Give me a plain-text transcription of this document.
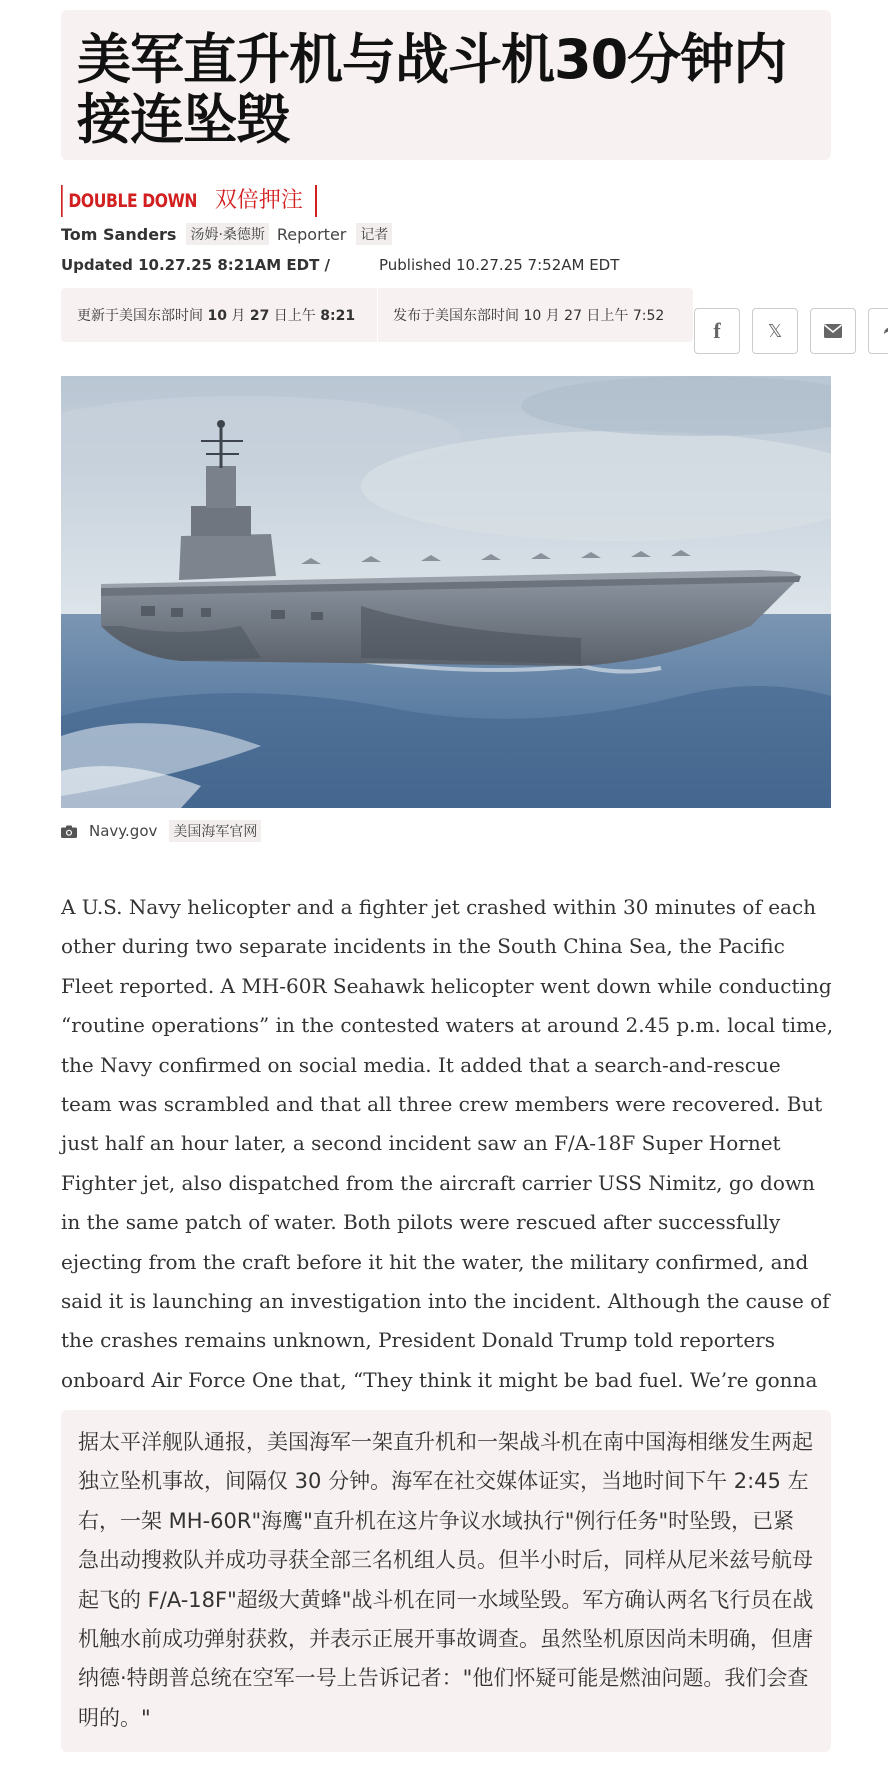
美军直升机与战斗机30分钟内接连坠毁
DOUBLE DOWN 双倍押注
Tom Sanders 汤姆·桑德斯 Reporter 记者
Updated 10.27.25 8:21AM EDT /	Published 10.27.25 7:52AM EDT
更新于美国东部时间 10 月 27 日上午 8:21	发布于美国东部时间 10 月 27 日上午 7:52
f	𝕏
Navy.gov 美国海军官网

A U.S. Navy helicopter and a fighter jet crashed within 30 minutes of each other during two separate incidents in the South China Sea, the Pacific Fleet reported. A MH-60R Seahawk helicopter went down while conducting “routine operations” in the contested waters at around 2.45 p.m. local time, the Navy confirmed on social media. It added that a search-and-rescue team was scrambled and that all three crew members were recovered. But just half an hour later, a second incident saw an F/A-18F Super Hornet Fighter jet, also dispatched from the aircraft carrier USS Nimitz, go down in the same patch of water. Both pilots were rescued after successfully ejecting from the craft before it hit the water, the military confirmed, and said it is launching an investigation into the incident. Although the cause of the crashes remains unknown, President Donald Trump told reporters onboard Air Force One that, “They think it might be bad fuel. We’re gonna

据太平洋舰队通报，美国海军一架直升机和一架战斗机在南中国海相继发生两起独立坠机事故，间隔仅 30 分钟。海军在社交媒体证实，当地时间下午 2:45 左右，一架 MH-60R"海鹰"直升机在这片争议水域执行"例行任务"时坠毁，已紧急出动搜救队并成功寻获全部三名机组人员。但半小时后，同样从尼米兹号航母起飞的 F/A-18F"超级大黄蜂"战斗机在同一水域坠毁。军方确认两名飞行员在战机触水前成功弹射获救，并表示正展开事故调查。虽然坠机原因尚未明确，但唐纳德·特朗普总统在空军一号上告诉记者："他们怀疑可能是燃油问题。我们会查明的。"
